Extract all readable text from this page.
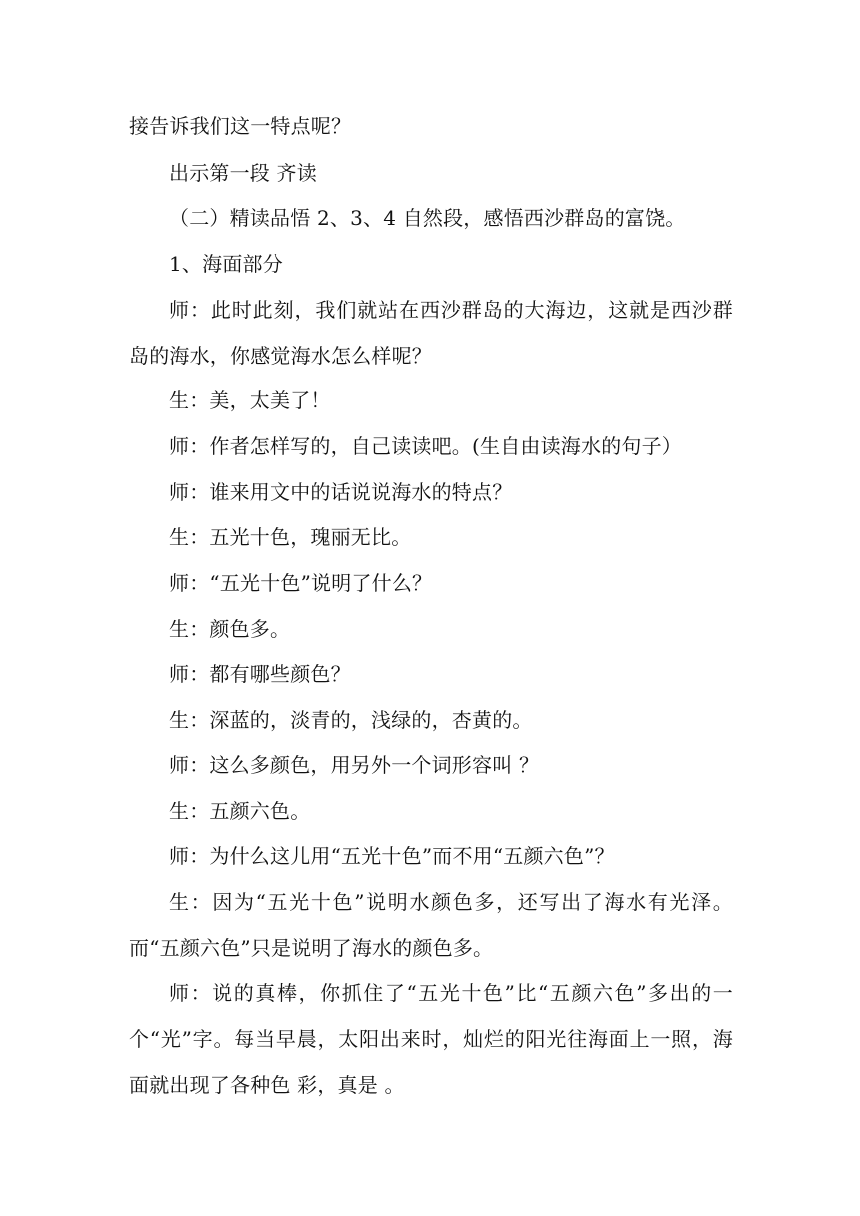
接告诉我们这一特点呢？

出示第一段 齐读

（二）精读品悟 2、3、4 自然段，感悟西沙群岛的富饶。

1、海面部分

师：此时此刻，我们就站在西沙群岛的大海边，这就是西沙群岛的海水，你感觉海水怎么样呢？

生：美，太美了！

师：作者怎样写的，自己读读吧。(生自由读海水的句子）

师：谁来用文中的话说说海水的特点？

生：五光十色，瑰丽无比。

师：“五光十色”说明了什么？

生：颜色多。

师：都有哪些颜色？

生：深蓝的，淡青的，浅绿的，杏黄的。

师：这么多颜色，用另外一个词形容叫 ？

生：五颜六色。

师：为什么这儿用“五光十色”而不用“五颜六色”？

生：因为“五光十色”说明水颜色多，还写出了海水有光泽。而“五颜六色”只是说明了海水的颜色多。

师：说的真棒，你抓住了“五光十色”比“五颜六色”多出的一个“光”字。每当早晨，太阳出来时，灿烂的阳光往海面上一照，海面就出现了各种色 彩，真是 。
